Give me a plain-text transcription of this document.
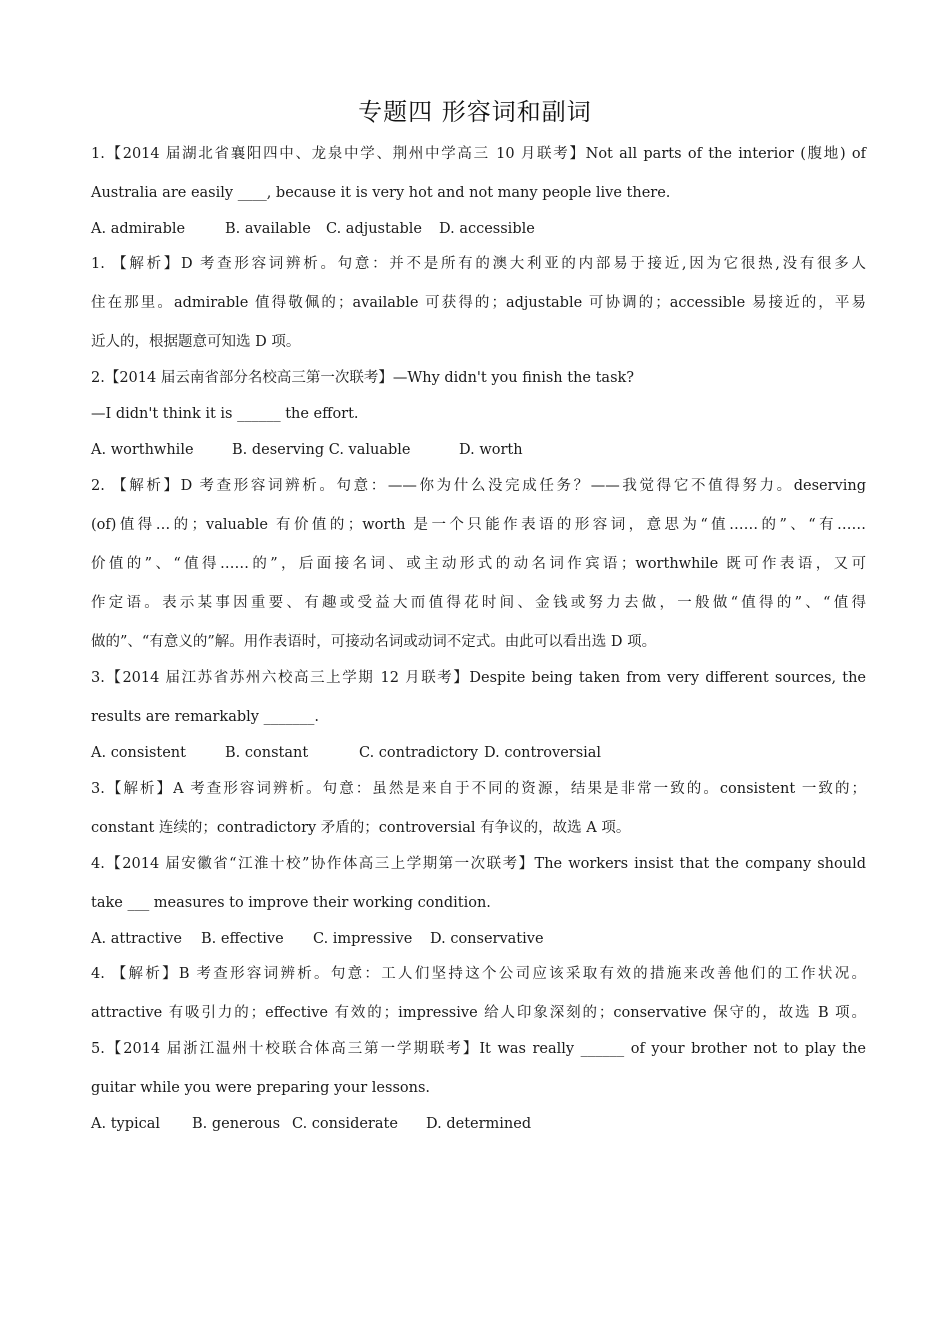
专题四 形容词和副词
1.【2014 届湖北省襄阳四中、龙泉中学、荆州中学高三 10 月联考】Not all parts of the interior (腹地) of
Australia are easily ____, because it is very hot and not many people live there.
A. admirable	B. available C. adjustable D. accessible
1. 【解析】D 考查形容词辨析。句意：并不是所有的澳大利亚的内部易于接近,因为它很热,没有很多人
住在那里。admirable 值得敬佩的；available 可获得的；adjustable 可协调的；accessible 易接近的，平易
近人的，根据题意可知选 D 项。
2.【2014 届云南省部分名校高三第一次联考】—Why didn't you finish the task?
—I didn't think it is ______ the effort.
A. worthwhile	B. deserving C. valuable	D. worth
2. 【解析】D 考查形容词辨析。句意：——你为什么没完成任务？——我觉得它不值得努力。deserving
(of)值得…的；valuable 有价值的；worth 是一个只能作表语的形容词，意思为“值……的”、“有……
价值的”、“值得……的”，后面接名词、或主动形式的动名词作宾语；worthwhile 既可作表语，又可
作定语。表示某事因重要、有趣或受益大而值得花时间、金钱或努力去做，一般做“值得的”、“值得
做的”、“有意义的”解。用作表语时，可接动名词或动词不定式。由此可以看出选 D 项。
3.【2014 届江苏省苏州六校高三上学期 12 月联考】Despite being taken from very different sources, the
results are remarkably _______.
A. consistent	B. constant	C. contradictory D. controversial
3.【解析】A 考查形容词辨析。句意：虽然是来自于不同的资源，结果是非常一致的。consistent 一致的；
constant 连续的；contradictory 矛盾的；controversial 有争议的，故选 A 项。
4.【2014 届安徽省“江淮十校”协作体高三上学期第一次联考】The workers insist that the company should
take ___ measures to improve their working condition.
A. attractive B. effective C. impressive D. conservative
4. 【解析】B 考查形容词辨析。句意：工人们坚持这个公司应该采取有效的措施来改善他们的工作状况。
attractive 有吸引力的；effective 有效的；impressive 给人印象深刻的；conservative 保守的，故选 B 项。
5.【2014 届浙江温州十校联合体高三第一学期联考】It was really ______ of your brother not to play the
guitar while you were preparing your lessons.
A. typical B. generous C. considerate D. determined
